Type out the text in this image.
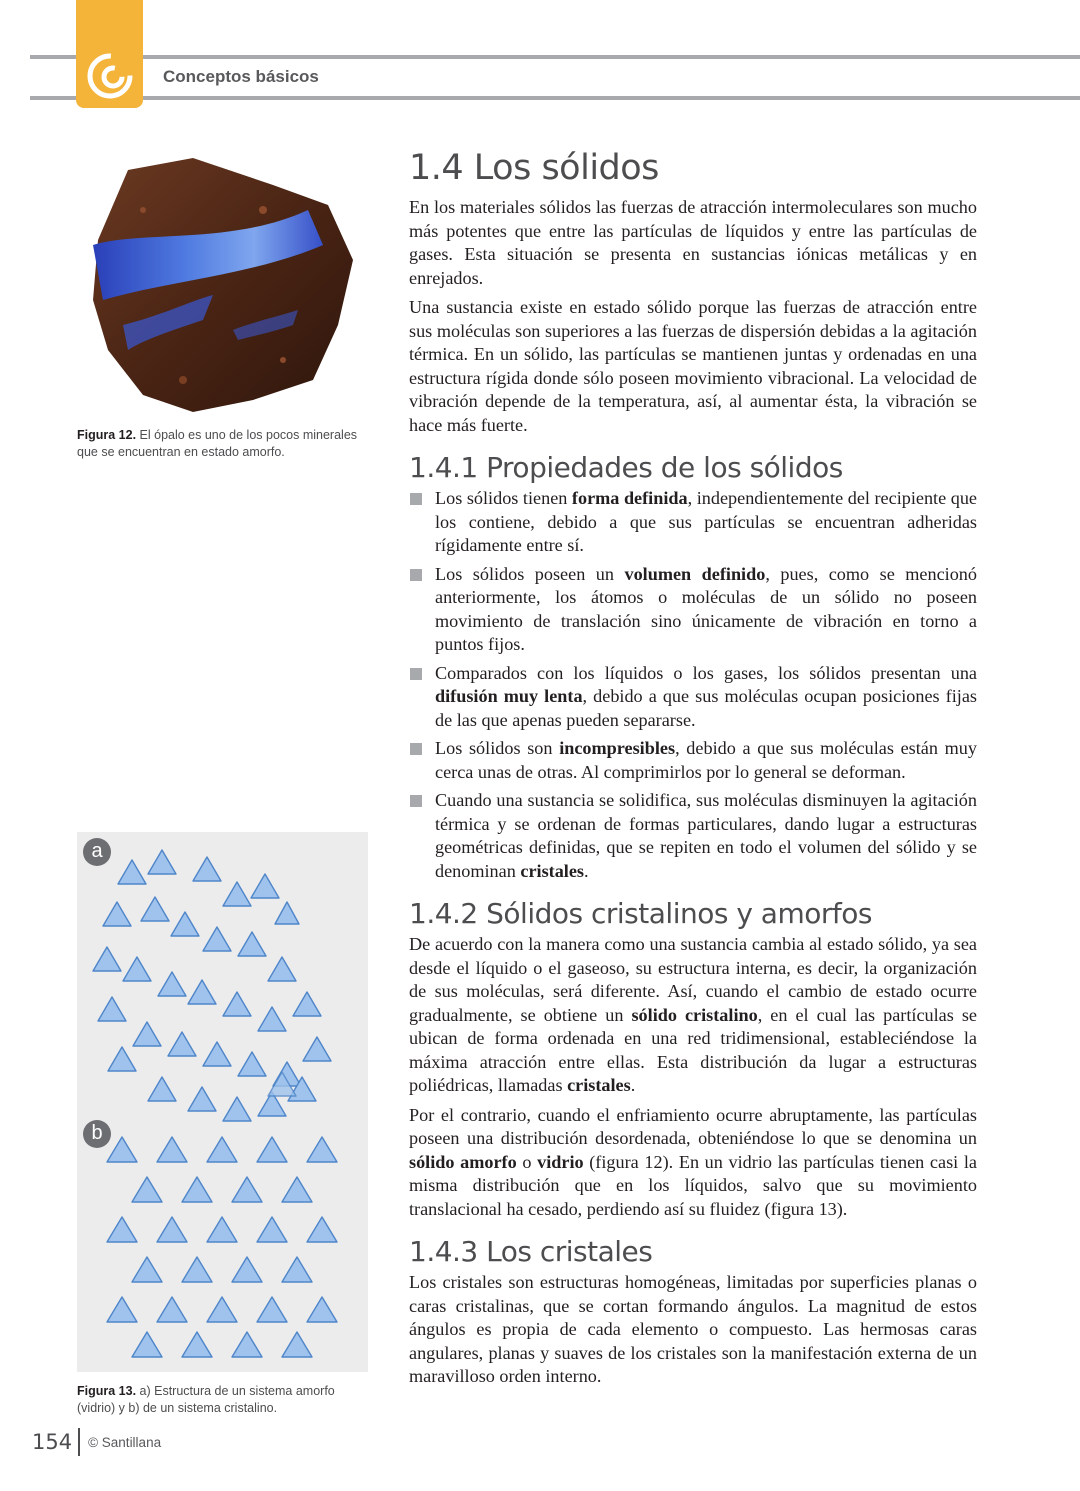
Conceptos básicos
Figura 12. El ópalo es uno de los pocos minerales que se encuentran en estado amorfo.
a
b
Figura 13. a) Estructura de un sistema amorfo (vidrio) y b) de un sistema cristalino.
1.4 Los sólidos

En los materiales sólidos las fuerzas de atracción intermoleculares son mucho más potentes que entre las partículas de líquidos y entre las partículas de gases. Esta situación se presenta en sustancias iónicas metálicas y en enrejados.

Una sustancia existe en estado sólido porque las fuerzas de atracción entre sus moléculas son superiores a las fuerzas de dispersión debidas a la agitación térmica. En un sólido, las partículas se mantienen juntas y ordenadas en una estructura rígida donde sólo poseen movimiento vibracional. La velocidad de vibración depende de la temperatura, así, al aumentar ésta, la vibración se hace más fuerte.

1.4.1 Propiedades de los sólidos
Los sólidos tienen forma definida, independientemente del recipiente que los contiene, debido a que sus partículas se encuentran adheridas rígidamente entre sí.
Los sólidos poseen un volumen definido, pues, como se mencionó anteriormente, los átomos o moléculas de un sólido no poseen movimiento de translación sino únicamente de vibración en torno a puntos fijos.
Comparados con los líquidos o los gases, los sólidos presentan una difusión muy lenta, debido a que sus moléculas ocupan posiciones fijas de las que apenas pueden separarse.
Los sólidos son incompresibles, debido a que sus moléculas están muy cerca unas de otras. Al comprimirlos por lo general se deforman.
Cuando una sustancia se solidifica, sus moléculas disminuyen la agitación térmica y se ordenan de formas particulares, dando lugar a estructuras geométricas definidas, que se repiten en todo el volumen del sólido y se denominan cristales.
1.4.2 Sólidos cristalinos y amorfos

De acuerdo con la manera como una sustancia cambia al estado sólido, ya sea desde el líquido o el gaseoso, su estructura interna, es decir, la organización de sus moléculas, será diferente. Así, cuando el cambio de estado ocurre gradualmente, se obtiene un sólido cristalino, en el cual las partículas se ubican de forma ordenada en una red tridimensional, estableciéndose la máxima atracción entre ellas. Esta distribución da lugar a estructuras poliédricas, llamadas cristales.

Por el contrario, cuando el enfriamiento ocurre abruptamente, las partículas poseen una distribución desordenada, obteniéndose lo que se denomina un sólido amorfo o vidrio (figura 12). En un vidrio las partículas tienen casi la misma distribución que en los líquidos, salvo que su movimiento translacional ha cesado, perdiendo así su fluidez (figura 13).

1.4.3 Los cristales

Los cristales son estructuras homogéneas, limitadas por superficies planas o caras cristalinas, que se cortan formando ángulos. La magnitud de estos ángulos es propia de cada elemento o compuesto. Las hermosas caras angulares, planas y suaves de los cristales son la manifestación externa de un maravilloso orden interno.

154 © Santillana
